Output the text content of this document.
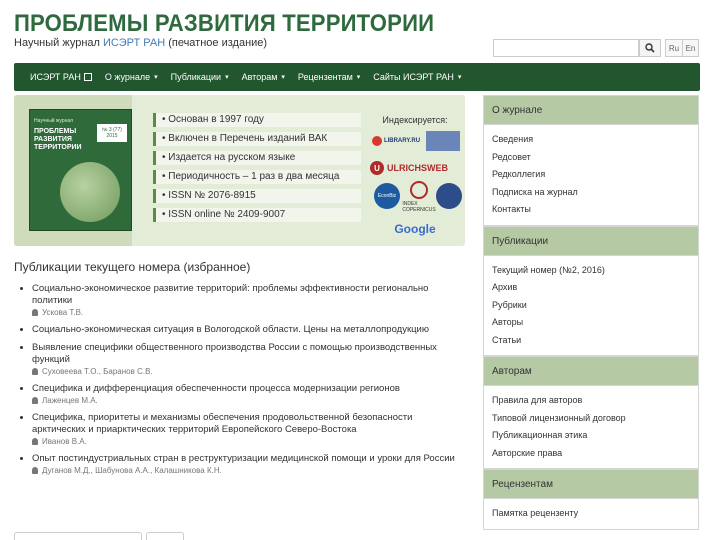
ПРОБЛЕМЫ РАЗВИТИЯ ТЕРРИТОРИИ
Научный журнал ИСЭРТ РАН (печатное издание)	Ru En
ИСЭРТ РАН	О журнале ▾ Публикации ▾ Авторам ▾ Рецензентам ▾ Сайты ИСЭРТ РАН ▾
Научный журнал
ПРОБЛЕМЫ
РАЗВИТИЯ
ТЕРРИТОРИИ
№ 3 (77) 2015
• Основан в 1997 году
• Включен в Перечень изданий ВАК
• Издается на русском языке
• Периодичность – 1 раз в два месяца
• ISSN № 2076-8915
• ISSN online № 2409-9007
Индексируется:
LIBRARY.RU
U ULRICHSWEB
EconBiz
INDEX COPERNICUS
Google
Публикации текущего номера (избранное)
Социально-экономическое развитие территорий: проблемы эффективности регионально политики
Ускова Т.В.
Социально-экономическая ситуация в Вологодской области. Цены на металлопродукцию
Выявление специфики общественного производства России с помощью производственных функций
Суховеева Т.О., Баранов С.В.
Специфика и дифференциация обеспеченности процесса модернизации регионов
Лаженцев М.А.
Специфика, приоритеты и механизмы обеспечения продовольственной безопасности арктических и приарктических территорий Европейского Северо-Востока
Иванов В.А.
Опыт постиндустриальных стран в реструктуризации медицинской помощи и уроки для России
Дуганов М.Д., Шабунова А.А., Калашникова К.Н.
О журнале
Сведения
Редсовет
Редколлегия
Подписка на журнал
Контакты
Публикации
Текущий номер (№2, 2016)
Архив
Рубрики
Авторы
Статьи
Авторам
Правила для авторов
Типовой лицензионный договор
Публикационная этика
Авторские права
Рецензентам
Памятка рецензенту
